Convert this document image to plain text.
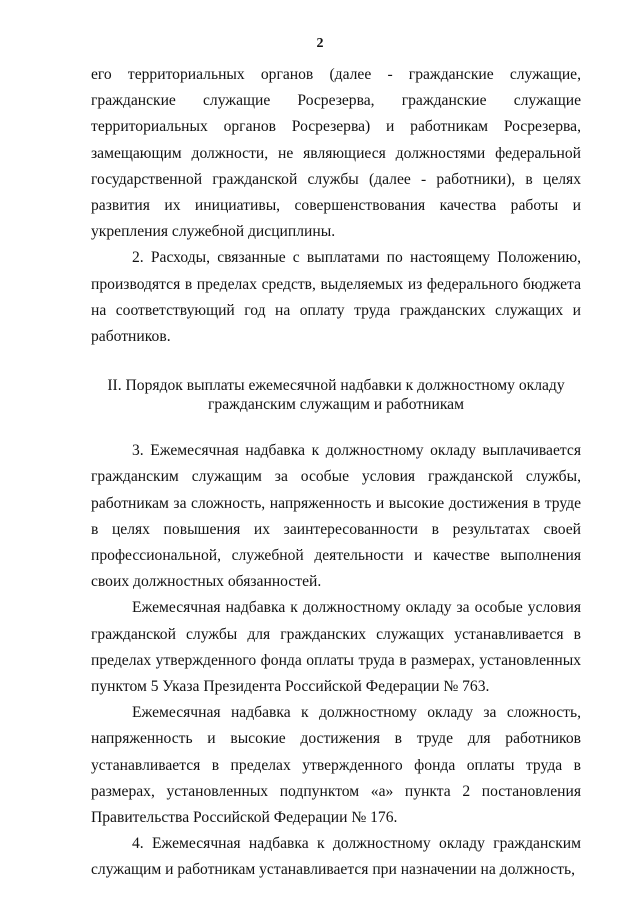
2

его территориальных органов (далее - гражданские служащие, гражданские служащие Росрезерва, гражданские служащие территориальных органов Росрезерва) и работникам Росрезерва, замещающим должности, не являющиеся должностями федеральной государственной гражданской службы (далее - работники), в целях развития их инициативы, совершенствования качества работы и укрепления служебной дисциплины.

2. Расходы, связанные с выплатами по настоящему Положению, производятся в пределах средств, выделяемых из федерального бюджета на соответствующий год на оплату труда гражданских служащих и работников.

II. Порядок выплаты ежемесячной надбавки к должностному окладу
гражданским служащим и работникам

3. Ежемесячная надбавка к должностному окладу выплачивается гражданским служащим за особые условия гражданской службы, работникам за сложность, напряженность и высокие достижения в труде в целях повышения их заинтересованности в результатах своей профессиональной, служебной деятельности и качестве выполнения своих должностных обязанностей.

Ежемесячная надбавка к должностному окладу за особые условия гражданской службы для гражданских служащих устанавливается в пределах утвержденного фонда оплаты труда в размерах, установленных пунктом 5 Указа Президента Российской Федерации № 763.

Ежемесячная надбавка к должностному окладу за сложность, напряженность и высокие достижения в труде для работников устанавливается в пределах утвержденного фонда оплаты труда в размерах, установленных подпунктом «а» пункта 2 постановления Правительства Российской Федерации № 176.

4. Ежемесячная надбавка к должностному окладу гражданским служащим и работникам устанавливается при назначении на должность,
